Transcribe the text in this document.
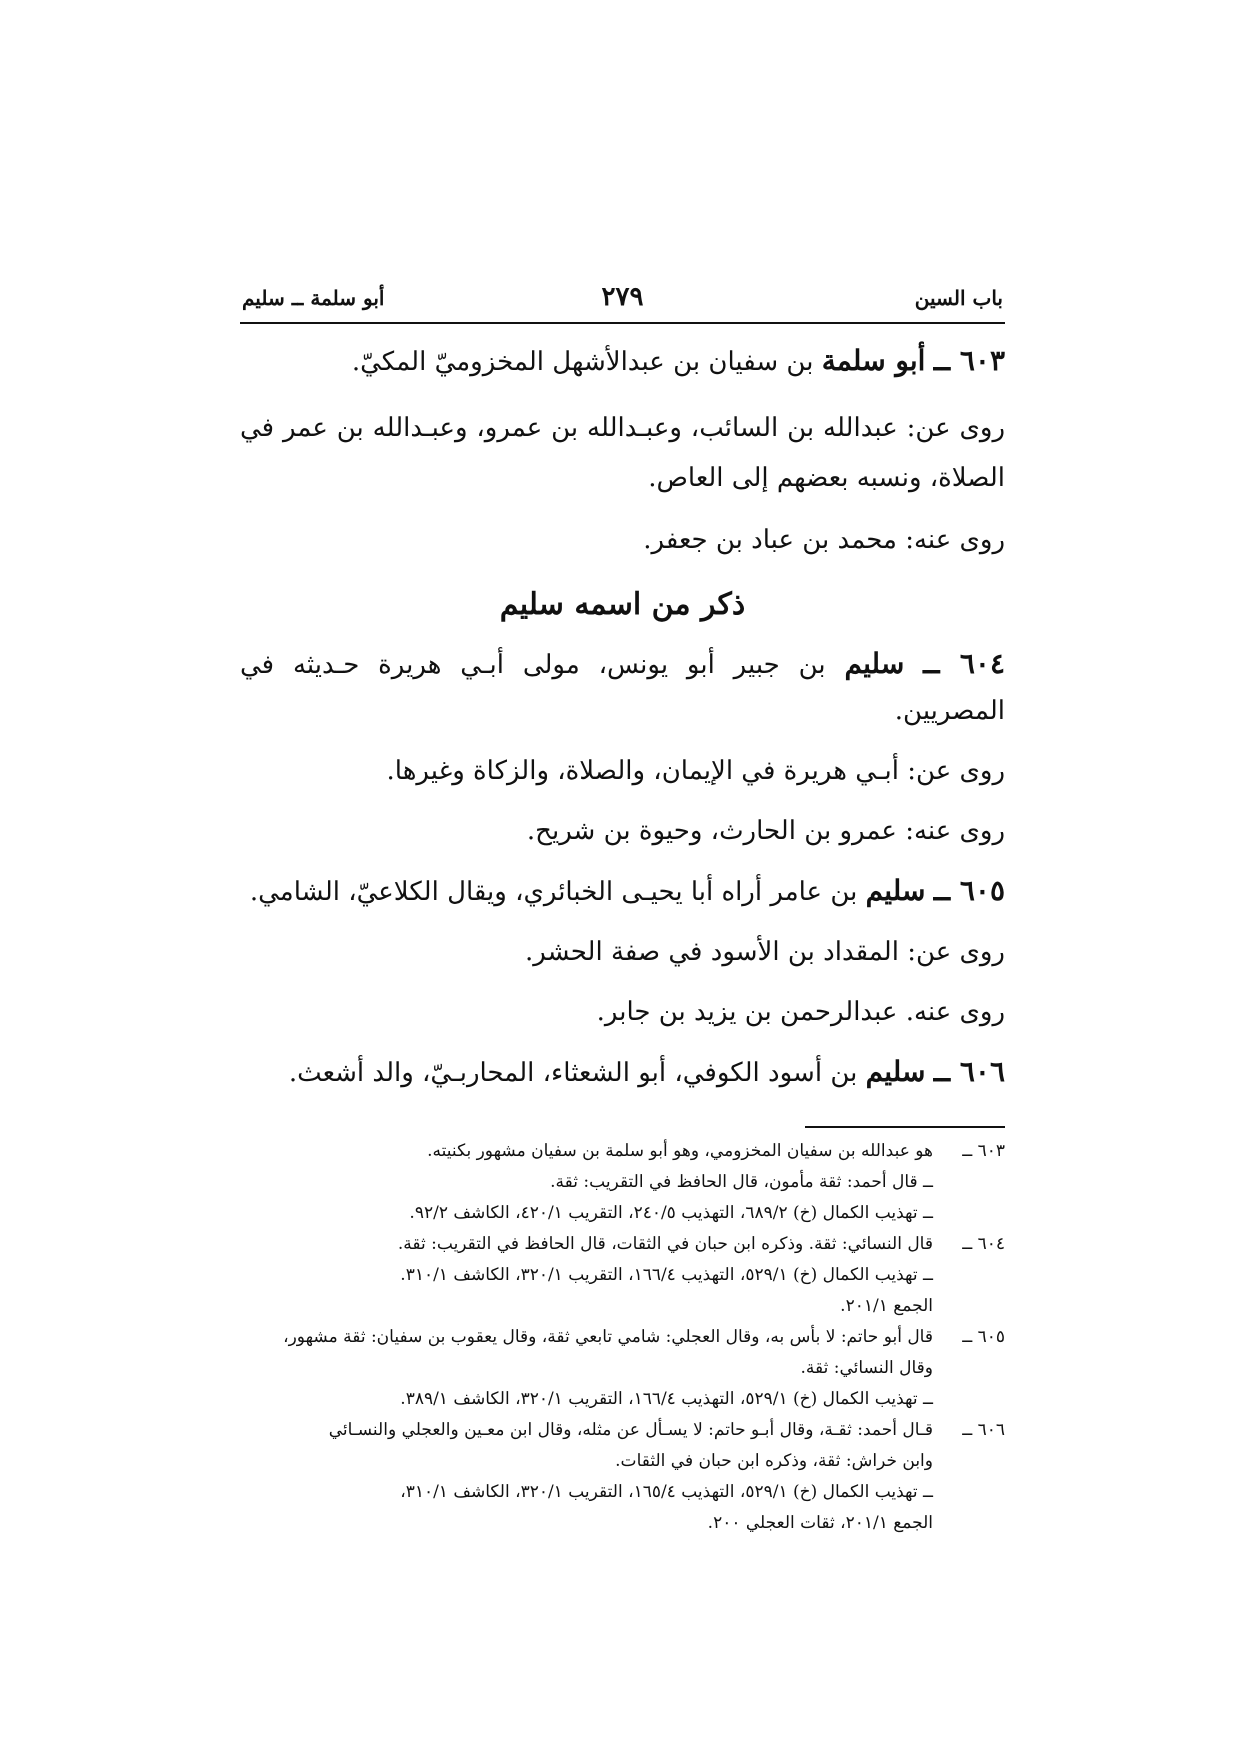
باب السين
٢٧٩
أبو سلمة ــ سليم

٦٠٣ ــ أبو سلمة بن سفيان بن عبدالأشهل المخزوميّ المكيّ.

روى عن: عبدالله بن السائب، وعبـدالله بن عمرو، وعبـدالله بن عمر في الصلاة، ونسبه بعضهم إلى العاص.

روى عنه: محمد بن عباد بن جعفر.

ذكر من اسمه سليم

٦٠٤ ــ سليم بن جبير أبو يونس، مولى أبـي هريرة حـديثه في المصريين.

روى عن: أبـي هريرة في الإيمان، والصلاة، والزكاة وغيرها.

روى عنه: عمرو بن الحارث، وحيوة بن شريح.

٦٠٥ ــ سليم بن عامر أراه أبا يحيـى الخبائري، ويقال الكلاعيّ، الشامي.

روى عن: المقداد بن الأسود في صفة الحشر.

روى عنه. عبدالرحمن بن يزيد بن جابر.

٦٠٦ ــ سليم بن أسود الكوفي، أبو الشعثاء، المحاربـيّ، والد أشعث.

٦٠٣ ــ
هو عبدالله بن سفيان المخزومي، وهو أبو سلمة بن سفيان مشهور بكنيته.
ــ قال أحمد: ثقة مأمون، قال الحافظ في التقريب: ثقة.
ــ تهذيب الكمال (خ) ٦٨٩/٢، التهذيب ٢٤٠/٥، التقريب ٤٢٠/١، الكاشف ٩٢/٢.
٦٠٤ ــ
قال النسائي: ثقة. وذكره ابن حبان في الثقات، قال الحافظ في التقريب: ثقة.
ــ تهذيب الكمال (خ) ٥٢٩/١، التهذيب ١٦٦/٤، التقريب ٣٢٠/١، الكاشف ٣١٠/١.
الجمع ٢٠١/١.
٦٠٥ ــ
قال أبو حاتم: لا بأس به، وقال العجلي: شامي تابعي ثقة، وقال يعقوب بن سفيان: ثقة مشهور،
وقال النسائي: ثقة.
ــ تهذيب الكمال (خ) ٥٢٩/١، التهذيب ١٦٦/٤، التقريب ٣٢٠/١، الكاشف ٣٨٩/١.
٦٠٦ ــ
قـال أحمد: ثقـة، وقال أبـو حاتم: لا يسـأل عن مثله، وقال ابن معـين والعجلي والنسـائي
وابن خراش: ثقة، وذكره ابن حبان في الثقات.
ــ تهذيب الكمال (خ) ٥٢٩/١، التهذيب ١٦٥/٤، التقريب ٣٢٠/١، الكاشف ٣١٠/١،
الجمع ٢٠١/١، ثقات العجلي ٢٠٠.
